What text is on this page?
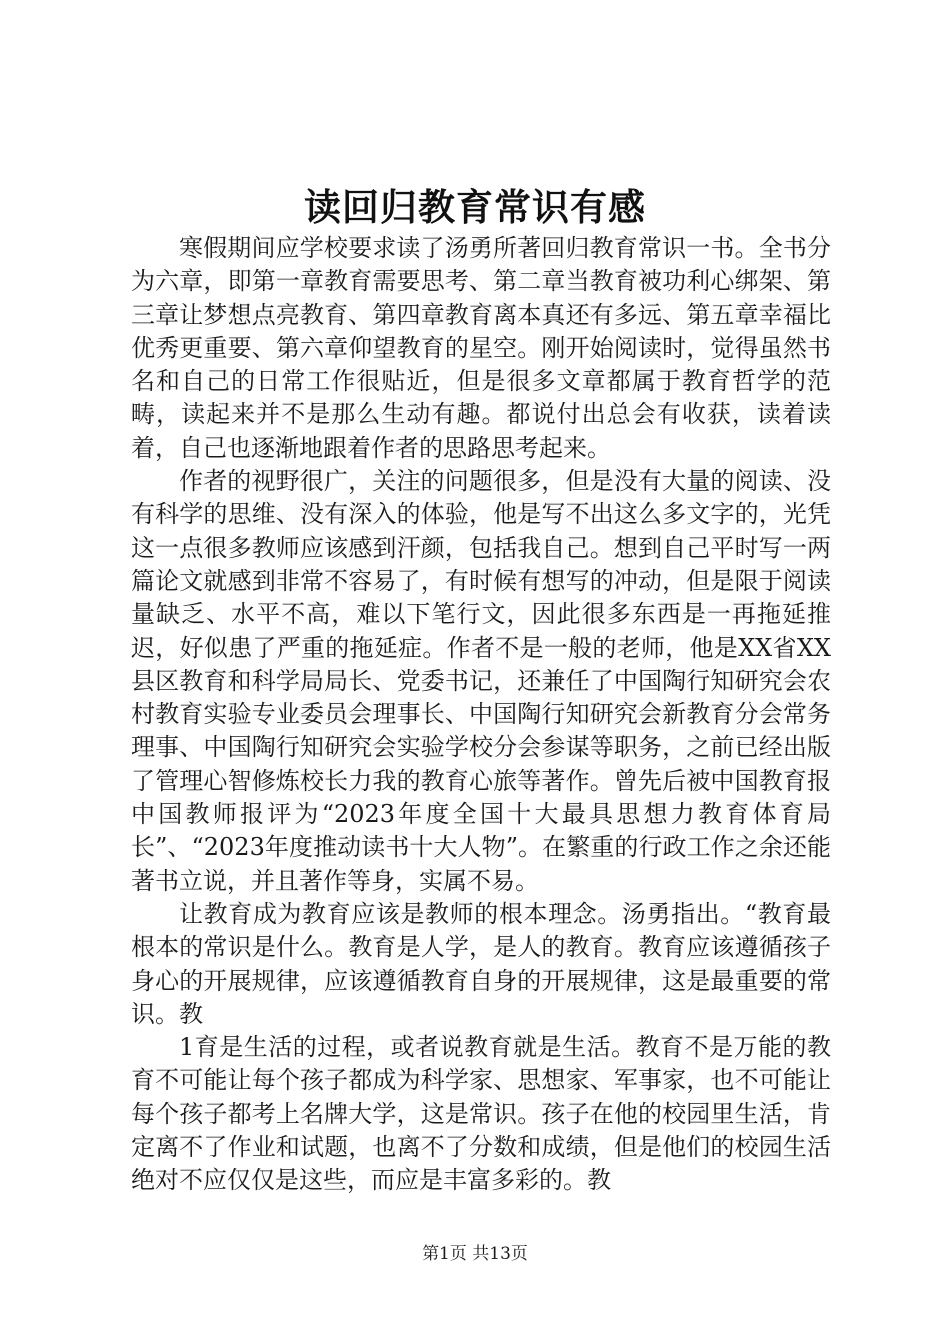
读回归教育常识有感

寒假期间应学校要求读了汤勇所著回归教育常识一书。全书分为六章，即第一章教育需要思考、第二章当教育被功利心绑架、第三章让梦想点亮教育、第四章教育离本真还有多远、第五章幸福比优秀更重要、第六章仰望教育的星空。刚开始阅读时，觉得虽然书名和自己的日常工作很贴近，但是很多文章都属于教育哲学的范畴，读起来并不是那么生动有趣。都说付出总会有收获，读着读着，自己也逐渐地跟着作者的思路思考起来。

作者的视野很广，关注的问题很多，但是没有大量的阅读、没有科学的思维、没有深入的体验，他是写不出这么多文字的，光凭这一点很多教师应该感到汗颜，包括我自己。想到自己平时写一两篇论文就感到非常不容易了，有时候有想写的冲动，但是限于阅读量缺乏、水平不高，难以下笔行文，因此很多东西是一再拖延推迟，好似患了严重的拖延症。作者不是一般的老师，他是XX省XX县区教育和科学局局长、党委书记，还兼任了中国陶行知研究会农村教育实验专业委员会理事长、中国陶行知研究会新教育分会常务理事、中国陶行知研究会实验学校分会参谋等职务，之前已经出版了管理心智修炼校长力我的教育心旅等著作。曾先后被中国教育报中国教师报评为“2023年度全国十大最具思想力教育体育局长”、“2023年度推动读书十大人物”。在繁重的行政工作之余还能著书立说，并且著作等身，实属不易。

让教育成为教育应该是教师的根本理念。汤勇指出。“教育最根本的常识是什么。教育是人学，是人的教育。教育应该遵循孩子身心的开展规律，应该遵循教育自身的开展规律，这是最重要的常识。教

1育是生活的过程，或者说教育就是生活。教育不是万能的教育不可能让每个孩子都成为科学家、思想家、军事家，也不可能让每个孩子都考上名牌大学，这是常识。孩子在他的校园里生活，肯定离不了作业和试题，也离不了分数和成绩，但是他们的校园生活绝对不应仅仅是这些，而应是丰富多彩的。教

第1页 共13页
